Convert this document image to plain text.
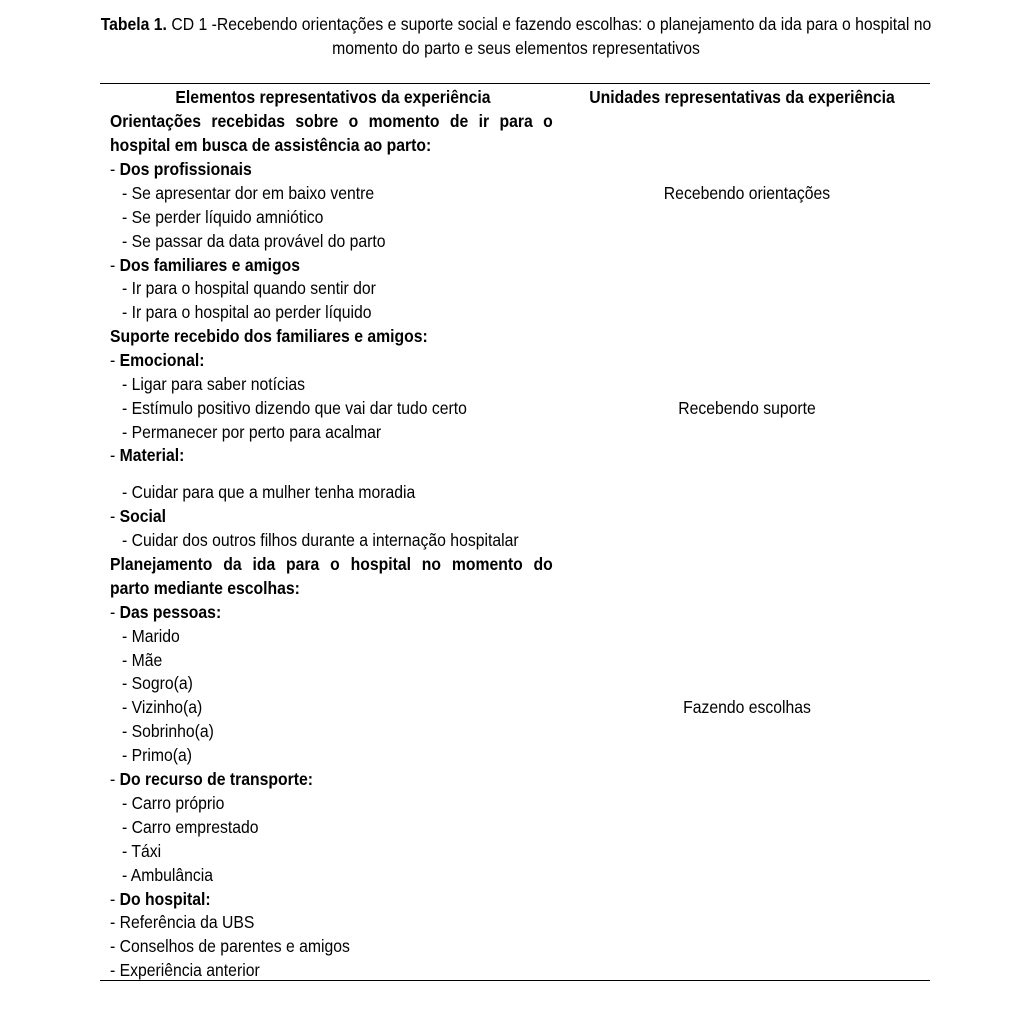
Tabela 1. CD 1 -Recebendo orientações e suporte social e fazendo escolhas: o planejamento da ida para o hospital no momento do parto e seus elementos representativos
Elementos representativos da experiência	Unidades representativas da experiência
Orientações recebidas sobre o momento de ir para o
hospital em busca de assistência ao parto:
- Dos profissionais
- Se apresentar dor em baixo ventre
- Se perder líquido amniótico
- Se passar da data provável do parto
- Dos familiares e amigos
- Ir para o hospital quando sentir dor
- Ir para o hospital ao perder líquido
Suporte recebido dos familiares e amigos:
- Emocional:
- Ligar para saber notícias
- Estímulo positivo dizendo que vai dar tudo certo
- Permanecer por perto para acalmar
- Material:
- Cuidar para que a mulher tenha moradia
- Social
- Cuidar dos outros filhos durante a internação hospitalar
Planejamento da ida para o hospital no momento do
parto mediante escolhas:
- Das pessoas:
- Marido
- Mãe
- Sogro(a)
- Vizinho(a)
- Sobrinho(a)
- Primo(a)
- Do recurso de transporte:
- Carro próprio
- Carro emprestado
- Táxi
- Ambulância
- Do hospital:
- Referência da UBS
- Conselhos de parentes e amigos
- Experiência anterior
Recebendo orientações
Recebendo suporte
Fazendo escolhas
